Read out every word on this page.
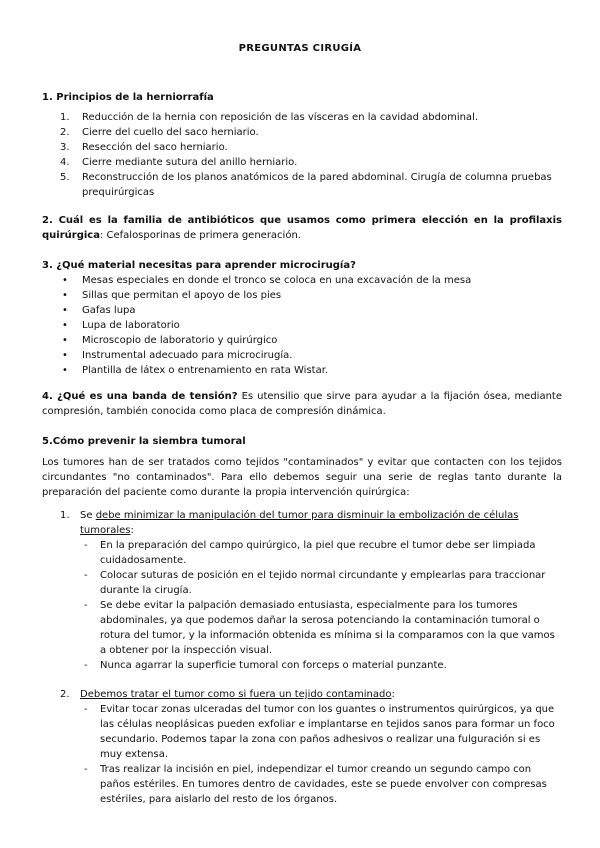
PREGUNTAS CIRUGÍA
1. Principios de la herniorrafía
1. Reducción de la hernia con reposición de las vísceras en la cavidad abdominal.
2. Cierre del cuello del saco herniario.
3. Resección del saco herniario.
4. Cierre mediante sutura del anillo herniario.
5. Reconstrucción de los planos anatómicos de la pared abdominal. Cirugía de columna pruebas prequirúrgicas
2. Cuál es la familia de antibióticos que usamos como primera elección en la profilaxis quirúrgica: Cefalosporinas de primera generación.
3. ¿Qué material necesitas para aprender microcirugía?
• Mesas especiales en donde el tronco se coloca en una excavación de la mesa
• Sillas que permitan el apoyo de los pies
• Gafas lupa
• Lupa de laboratorio
• Microscopio de laboratorio y quirúrgico
• Instrumental adecuado para microcirugía.
• Plantilla de látex o entrenamiento en rata Wistar.
4. ¿Qué es una banda de tensión? Es utensilio que sirve para ayudar a la fijación ósea, mediante compresión, también conocida como placa de compresión dinámica.
5.Cómo prevenir la siembra tumoral
Los tumores han de ser tratados como tejidos "contaminados" y evitar que contacten con los tejidos circundantes "no contaminados". Para ello debemos seguir una serie de reglas tanto durante la preparación del paciente como durante la propia intervención quirúrgica:
1. Se debe minimizar la manipulación del tumor para disminuir la embolización de células tumorales:
- En la preparación del campo quirúrgico, la piel que recubre el tumor debe ser limpiada cuidadosamente.
- Colocar suturas de posición en el tejido normal circundante y emplearlas para traccionar durante la cirugía.
- Se debe evitar la palpación demasiado entusiasta, especialmente para los tumores abdominales, ya que podemos dañar la serosa potenciando la contaminación tumoral o rotura del tumor, y la información obtenida es mínima si la comparamos con la que vamos a obtener por la inspección visual.
- Nunca agarrar la superficie tumoral con forceps o material punzante.
2. Debemos tratar el tumor como si fuera un tejido contaminado:
- Evitar tocar zonas ulceradas del tumor con los guantes o instrumentos quirúrgicos, ya que las células neoplásicas pueden exfoliar e implantarse en tejidos sanos para formar un foco secundario. Podemos tapar la zona con paños adhesivos o realizar una fulguración si es muy extensa.
- Tras realizar la incisión en piel, independizar el tumor creando un segundo campo con paños estériles. En tumores dentro de cavidades, este se puede envolver con compresas estériles, para aislarlo del resto de los órganos.
